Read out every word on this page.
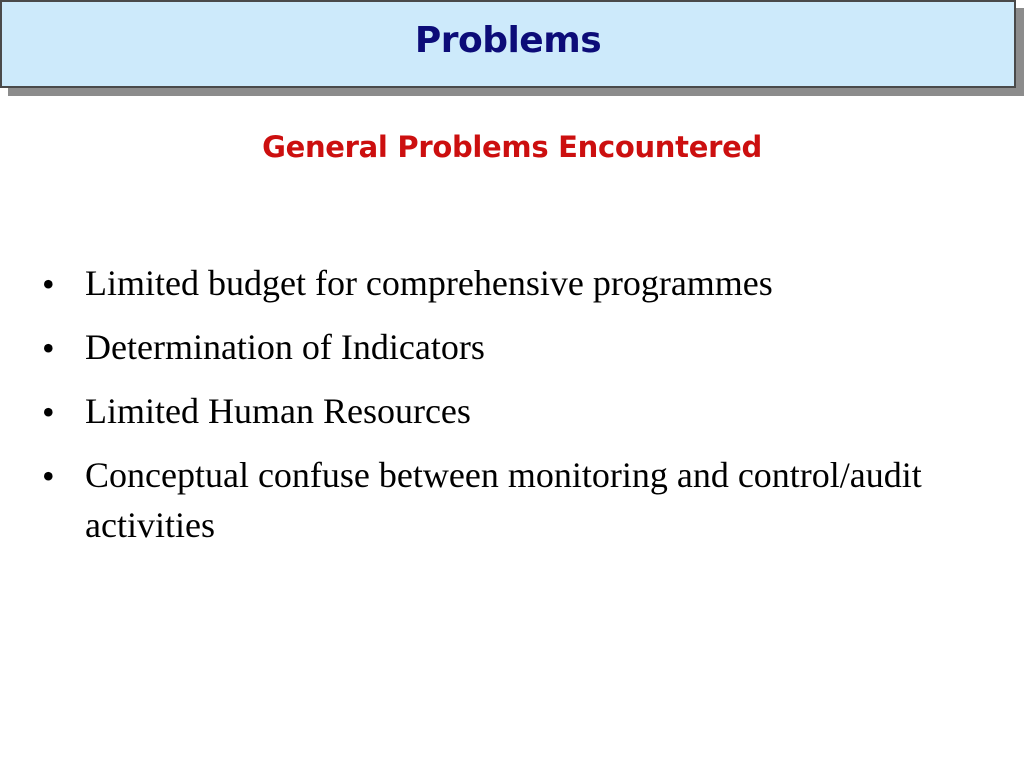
Problems
General Problems Encountered
• Limited budget for comprehensive programmes
• Determination of Indicators
• Limited Human Resources
• Conceptual confuse between monitoring and control/audit activities
